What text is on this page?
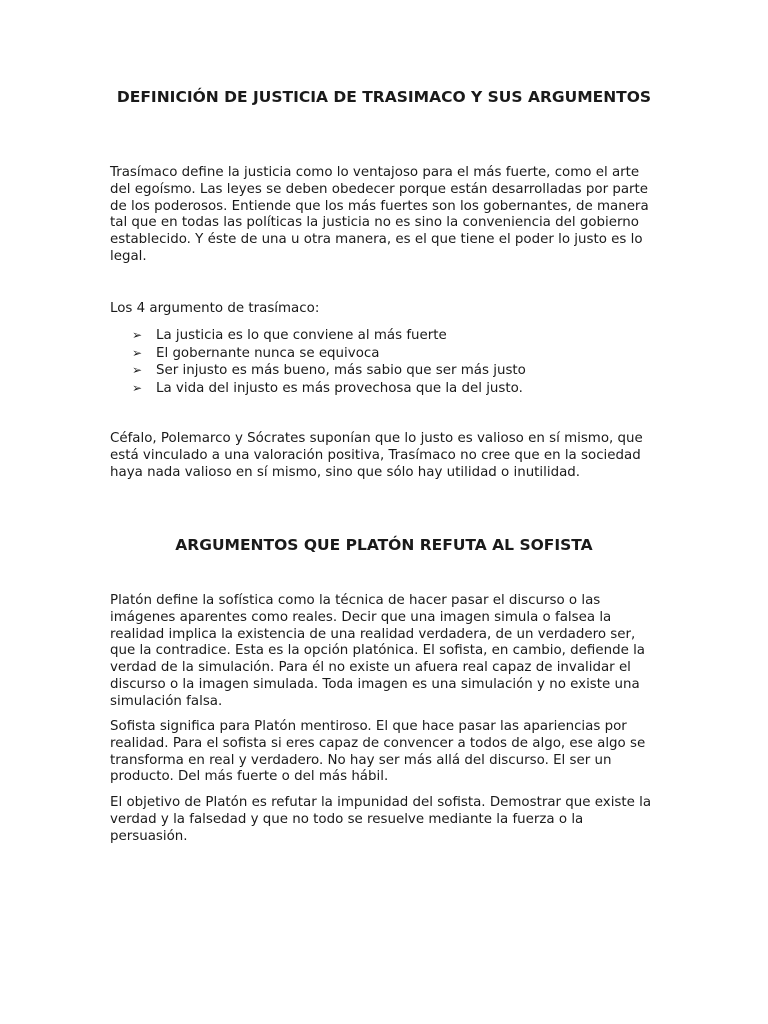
DEFINICIÓN DE JUSTICIA DE TRASIMACO Y SUS ARGUMENTOS

Trasímaco define la justicia como lo ventajoso para el más fuerte, como el arte del egoísmo. Las leyes se deben obedecer porque están desarrolladas por parte de los poderosos. Entiende que los más fuertes son los gobernantes, de manera tal que en todas las políticas la justicia no es sino la conveniencia del gobierno establecido. Y éste de una u otra manera, es el que tiene el poder lo justo es lo legal.

Los 4 argumento de trasímaco:

➢	La justicia es lo que conviene al más fuerte
➢	El gobernante nunca se equivoca
➢	Ser injusto es más bueno, más sabio que ser más justo
➢	La vida del injusto es más provechosa que la del justo.

Céfalo, Polemarco y Sócrates suponían que lo justo es valioso en sí mismo, que está vinculado a una valoración positiva, Trasímaco no cree que en la sociedad haya nada valioso en sí mismo, sino que sólo hay utilidad o inutilidad.

ARGUMENTOS QUE PLATÓN REFUTA AL SOFISTA

Platón define la sofística como la técnica de hacer pasar el discurso o las imágenes aparentes como reales. Decir que una imagen simula o falsea la realidad implica la existencia de una realidad verdadera, de un verdadero ser, que la contradice. Esta es la opción platónica. El sofista, en cambio, defiende la verdad de la simulación. Para él no existe un afuera real capaz de invalidar el discurso o la imagen simulada. Toda imagen es una simulación y no existe una simulación falsa.

Sofista significa para Platón mentiroso. El que hace pasar las apariencias por realidad. Para el sofista si eres capaz de convencer a todos de algo, ese algo se transforma en real y verdadero. No hay ser más allá del discurso. El ser un producto. Del más fuerte o del más hábil.

El objetivo de Platón es refutar la impunidad del sofista. Demostrar que existe la verdad y la falsedad y que no todo se resuelve mediante la fuerza o la persuasión.
